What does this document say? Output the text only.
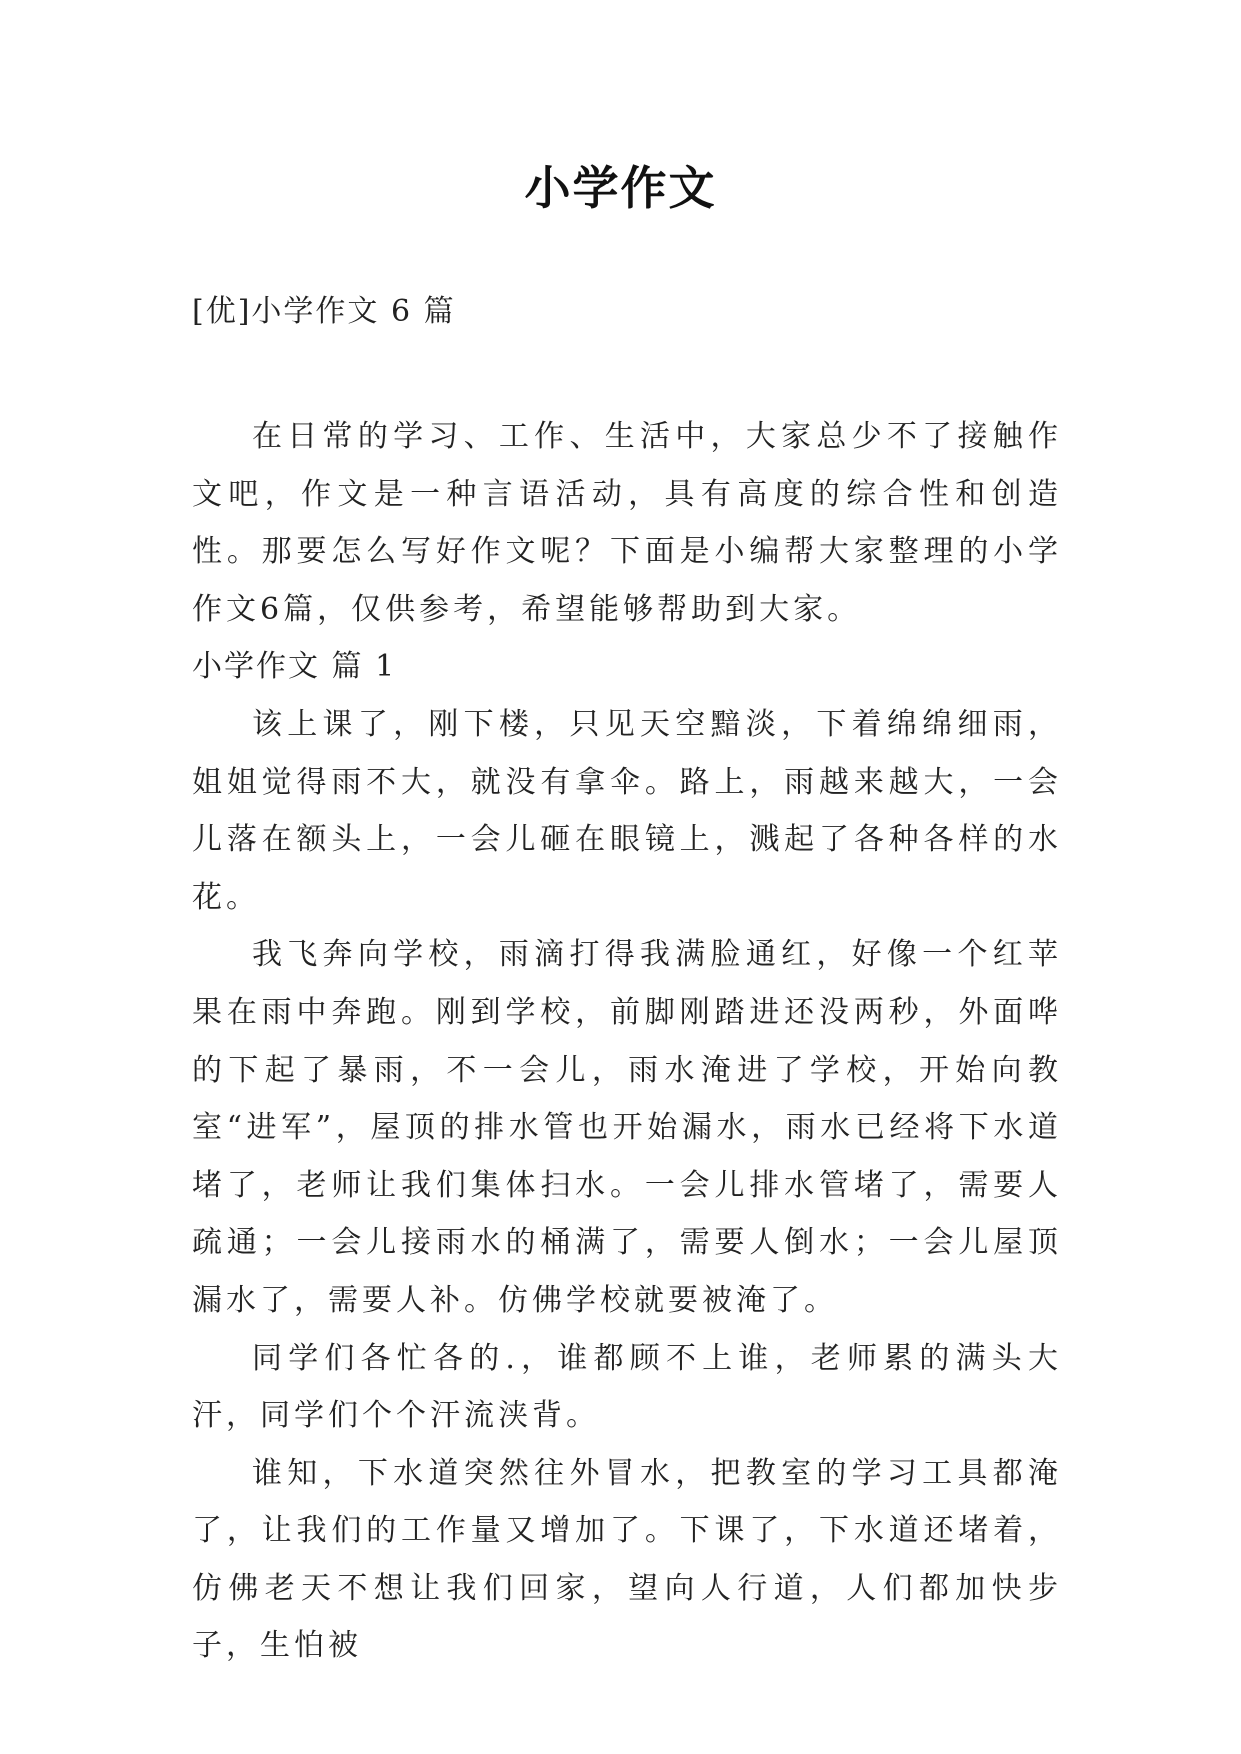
小学作文
[优]小学作文 6 篇

在日常的学习、工作、生活中，大家总少不了接触作文吧，作文是一种言语活动，具有高度的综合性和创造性。那要怎么写好作文呢？下面是小编帮大家整理的小学作文6篇，仅供参考，希望能够帮助到大家。

小学作文 篇 1

该上课了，刚下楼，只见天空黯淡，下着绵绵细雨，姐姐觉得雨不大，就没有拿伞。路上，雨越来越大，一会儿落在额头上，一会儿砸在眼镜上，溅起了各种各样的水花。

我飞奔向学校，雨滴打得我满脸通红，好像一个红苹果在雨中奔跑。刚到学校，前脚刚踏进还没两秒，外面哗的下起了暴雨，不一会儿，雨水淹进了学校，开始向教室“进军”，屋顶的排水管也开始漏水，雨水已经将下水道堵了，老师让我们集体扫水。一会儿排水管堵了，需要人疏通；一会儿接雨水的桶满了，需要人倒水；一会儿屋顶漏水了，需要人补。仿佛学校就要被淹了。

同学们各忙各的.，谁都顾不上谁，老师累的满头大汗，同学们个个汗流浃背。

谁知，下水道突然往外冒水，把教室的学习工具都淹了，让我们的工作量又增加了。下课了，下水道还堵着，仿佛老天不想让我们回家，望向人行道，人们都加快步子，生怕被
